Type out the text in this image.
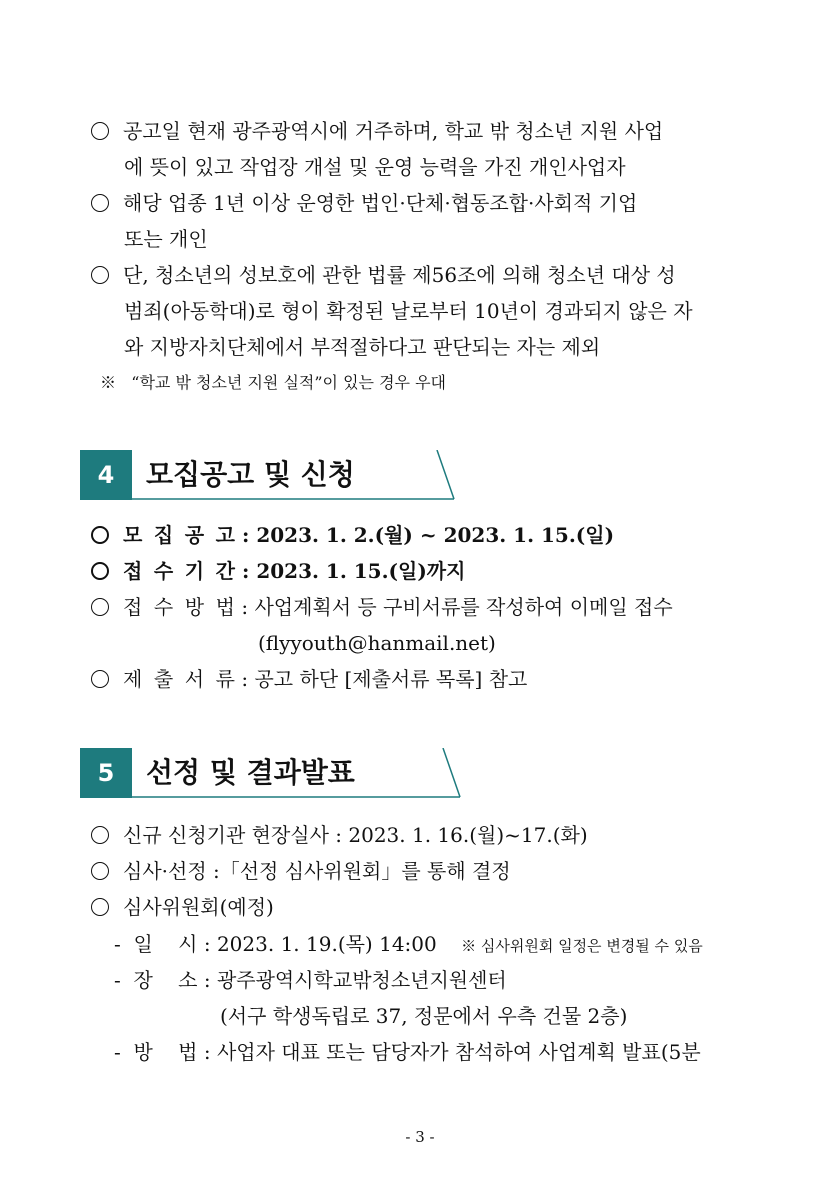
공고일 현재 광주광역시에 거주하며, 학교 밖 청소년 지원 사업
에 뜻이 있고 작업장 개설 및 운영 능력을 가진 개인사업자
해당 업종 1년 이상 운영한 법인·단체·협동조합·사회적 기업
또는 개인
단, 청소년의 성보호에 관한 법률 제56조에 의해 청소년 대상 성
범죄(아동학대)로 형이 확정된 날로부터 10년이 경과되지 않은 자
와 지방자치단체에서 부적절하다고 판단되는 자는 제외
※ “학교 밖 청소년 지원 실적”이 있는 경우 우대
4	모집공고 및 신청
모 집 공 고 : 2023. 1. 2.(월) ~ 2023. 1. 15.(일)
접 수 기 간 : 2023. 1. 15.(일)까지
접 수 방 법 : 사업계획서 등 구비서류를 작성하여 이메일 접수
(flyyouth@hanmail.net)
제 출 서 류 : 공고 하단 [제출서류 목록] 참고
5	선정 및 결과발표
신규 신청기관 현장실사 : 2023. 1. 16.(월)~17.(화)
심사·선정 :「선정 심사위원회」를 통해 결정
심사위원회(예정)
- 일 시 : 2023. 1. 19.(목) 14:00 ※ 심사위원회 일정은 변경될 수 있음
- 장 소 : 광주광역시학교밖청소년지원센터
(서구 학생독립로 37, 정문에서 우측 건물 2층)
- 방 법 : 사업자 대표 또는 담당자가 참석하여 사업계획 발표(5분
- 3 -
